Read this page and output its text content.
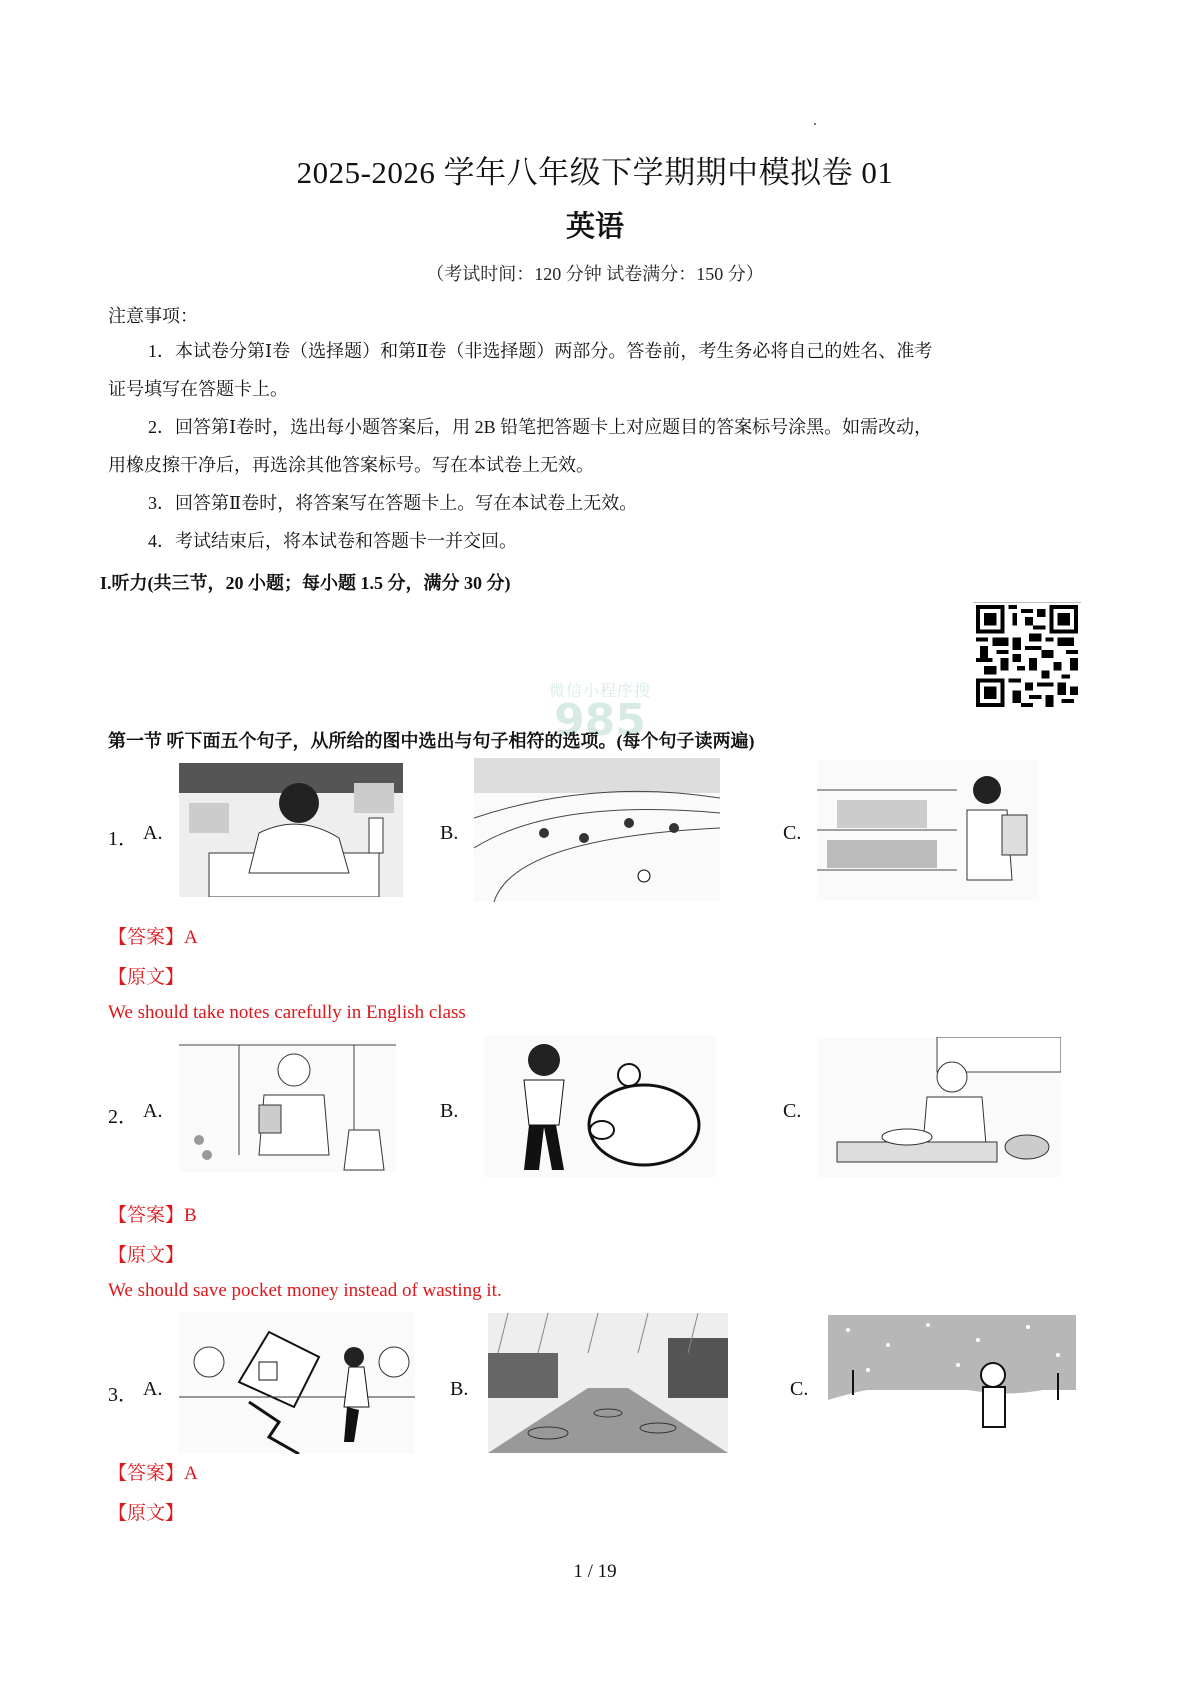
2025-2026 学年八年级下学期期中模拟卷 01
英语
（考试时间：120 分钟 试卷满分：150 分）
注意事项：
1．本试卷分第Ⅰ卷（选择题）和第Ⅱ卷（非选择题）两部分。答卷前，考生务必将自己的姓名、准考
证号填写在答题卡上。
2．回答第Ⅰ卷时，选出每小题答案后，用 2B 铅笔把答题卡上对应题目的答案标号涂黑。如需改动，
用橡皮擦干净后，再选涂其他答案标号。写在本试卷上无效。
3．回答第Ⅱ卷时，将答案写在答题卡上。写在本试卷上无效。
4．考试结束后，将本试卷和答题卡一并交回。
I.听力(共三节，20 小题；每小题 1.5 分，满分 30 分)
微信小程序搜
985
第一节 听下面五个句子，从所给的图中选出与句子相符的选项。(每个句子读两遍)
1． A.	B.	C.
【答案】A
【原文】
We should take notes carefully in English class
2． A.	B.	C.
【答案】B
【原文】
We should save pocket money instead of wasting it.
3． A.	B.	C.
【答案】A
【原文】
1 / 19
